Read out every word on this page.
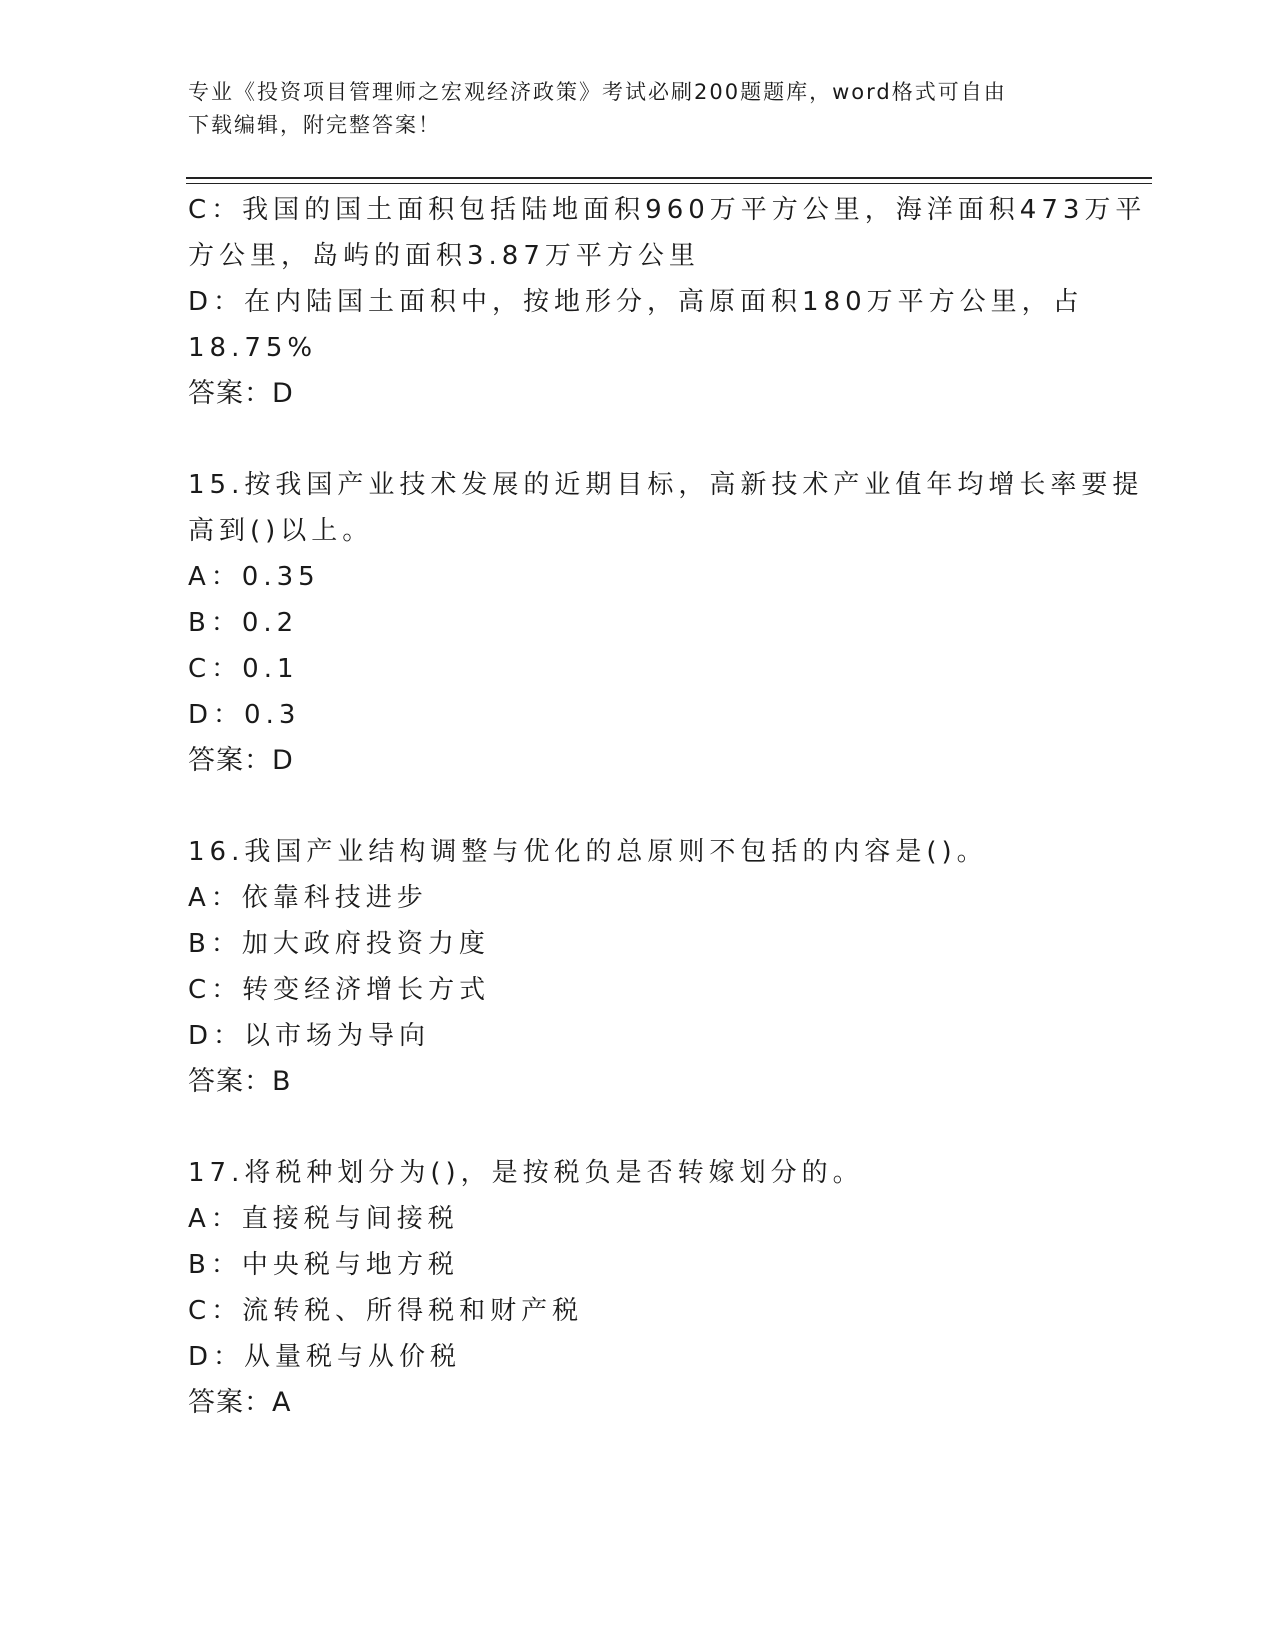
专业《投资项目管理师之宏观经济政策》考试必刷200题题库，word格式可自由
下载编辑，附完整答案！
C：我国的国土面积包括陆地面积960万平方公里，海洋面积473万平
方公里，岛屿的面积3.87万平方公里
D：在内陆国土面积中，按地形分，高原面积180万平方公里，占
18.75%
答案：D
15.按我国产业技术发展的近期目标，高新技术产业值年均增长率要提
高到()以上。
A：0.35
B：0.2
C：0.1
D：0.3
答案：D
16.我国产业结构调整与优化的总原则不包括的内容是()。
A：依靠科技进步
B：加大政府投资力度
C：转变经济增长方式
D：以市场为导向
答案：B
17.将税种划分为()，是按税负是否转嫁划分的。
A：直接税与间接税
B：中央税与地方税
C：流转税、所得税和财产税
D：从量税与从价税
答案：A
